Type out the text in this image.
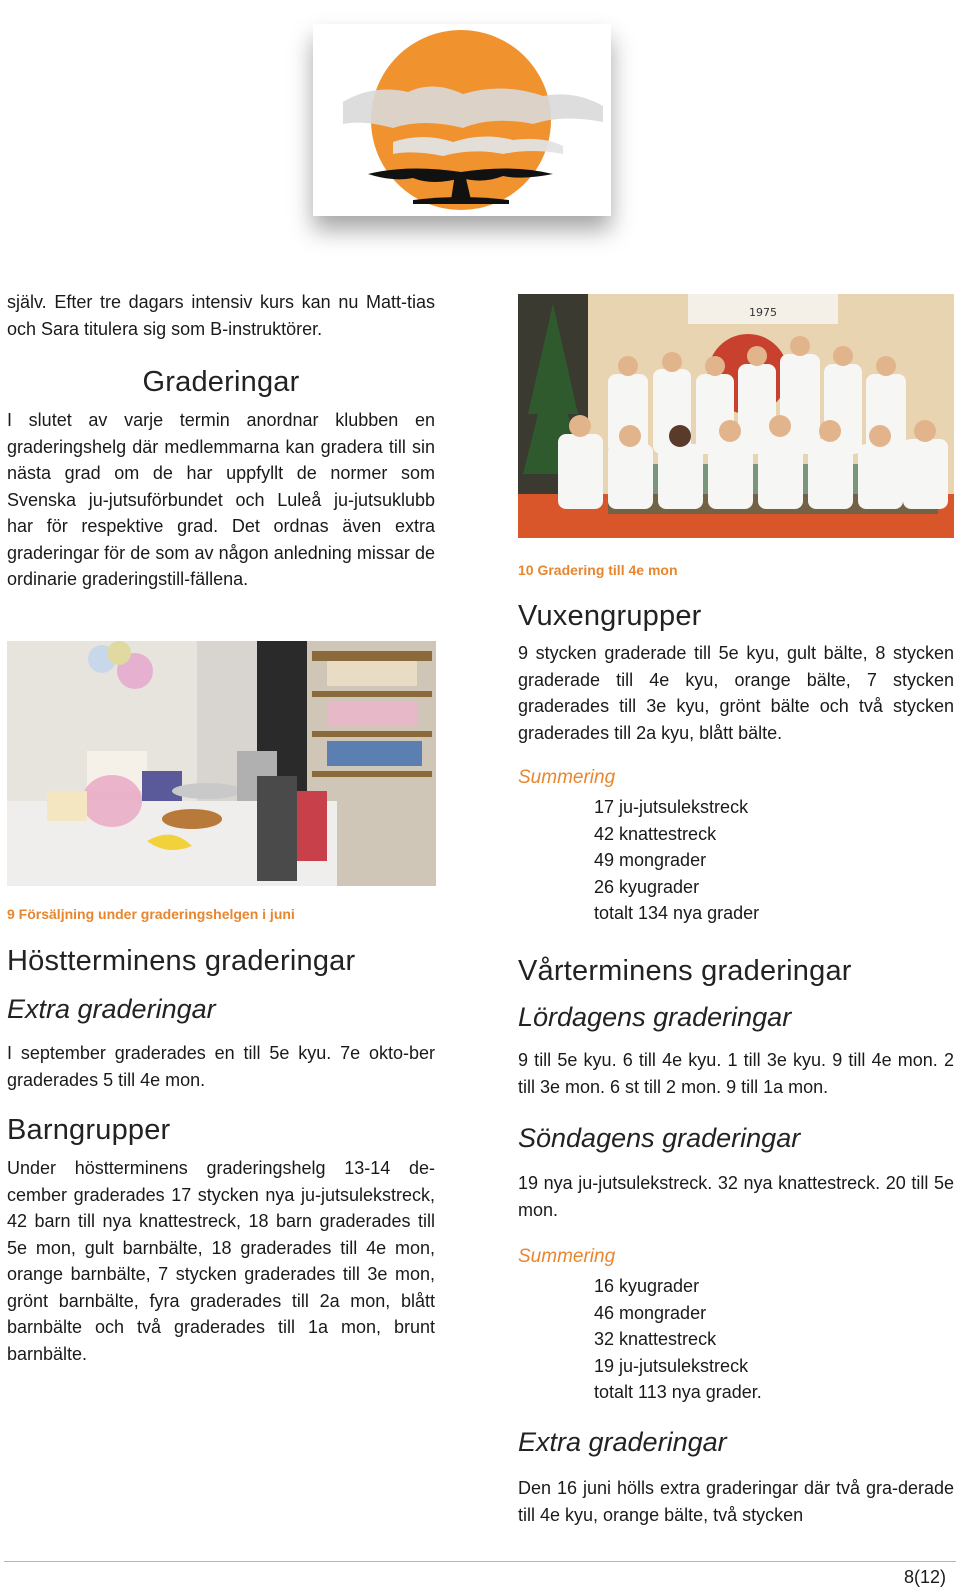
själv. Efter tre dagars intensiv kurs kan nu Matt-tias och Sara titulera sig som B-instruktörer.

Graderingar

I slutet av varje termin anordnar klubben en graderingshelg där medlemmarna kan gradera till sin nästa grad om de har uppfyllt de normer som Svenska ju-jutsuförbundet och Luleå ju-jutsuklubb har för respektive grad. Det ordnas även extra graderingar för de som av någon anledning missar de ordinarie graderingstill-fällena.

9 Försäljning under graderingshelgen i juni

Höstterminens graderingar
Extra graderingar

I september graderades en till 5e kyu. 7e okto-ber graderades 5 till 4e mon.

Barngrupper

Under höstterminens graderingshelg 13-14 de-cember graderades 17 stycken nya ju-jutsulekstreck, 42 barn till nya knattestreck, 18 barn graderades till 5e mon, gult barnbälte, 18 graderades till 4e mon, orange barnbälte, 7 stycken graderades till 3e mon, grönt barnbälte, fyra graderades till 2a mon, blått barnbälte och två graderades till 1a mon, brunt barnbälte.

1975

10 Gradering till 4e mon

Vuxengrupper

9 stycken graderade till 5e kyu, gult bälte, 8 stycken graderade till 4e kyu, orange bälte, 7 stycken graderades till 3e kyu, grönt bälte och två stycken graderades till 2a kyu, blått bälte.

Summering

17 ju-jutsulekstreck
42 knattestreck
49 mongrader
26 kyugrader
totalt 134 nya grader
Vårterminens graderingar
Lördagens graderingar

9 till 5e kyu. 6 till 4e kyu. 1 till 3e kyu. 9 till 4e mon. 2 till 3e mon. 6 st till 2 mon. 9 till 1a mon.

Söndagens graderingar

19 nya ju-jutsulekstreck. 32 nya knattestreck. 20 till 5e mon.

Summering

16 kyugrader
46 mongrader
32 knattestreck
19 ju-jutsulekstreck
totalt 113 nya grader.
Extra graderingar

Den 16 juni hölls extra graderingar där två gra-derade till 4e kyu, orange bälte, två stycken

8(12)
